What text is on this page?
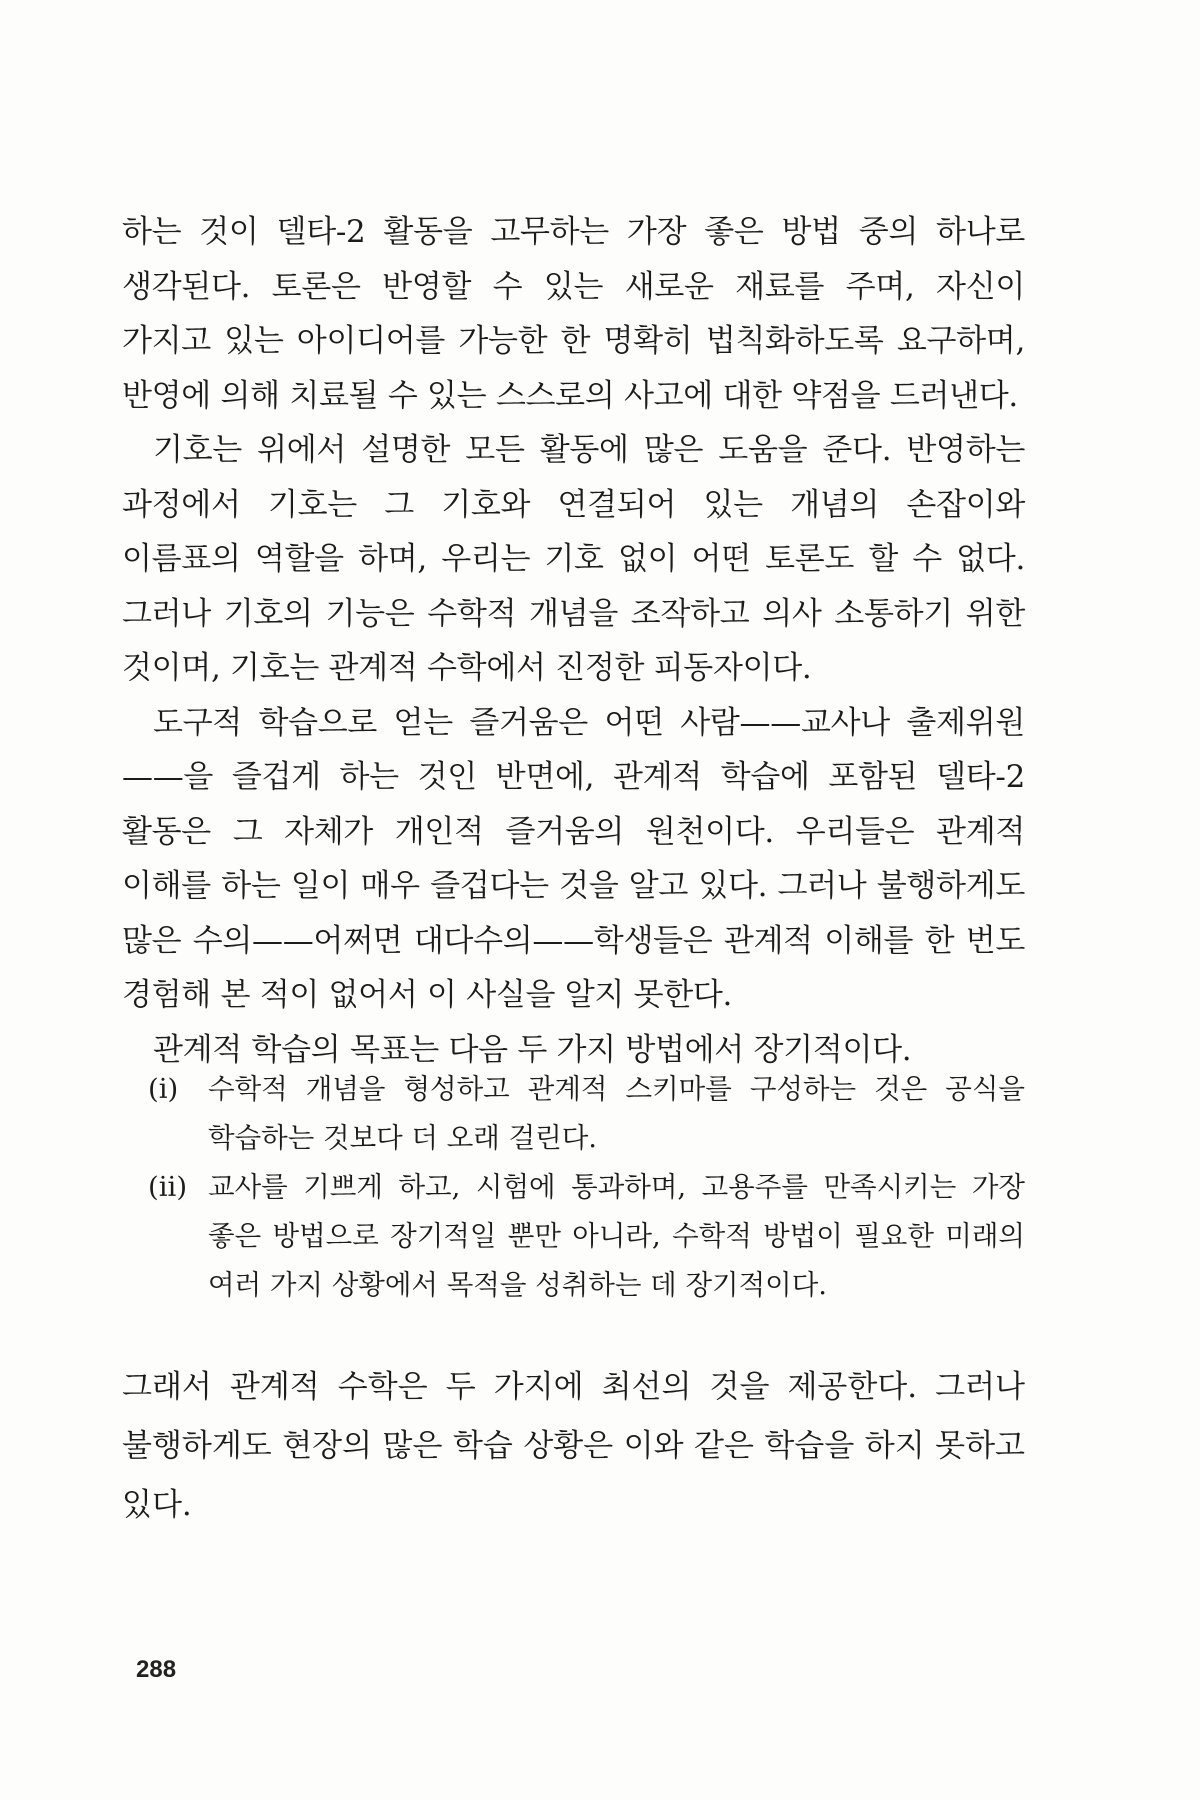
하는 것이 델타-2 활동을 고무하는 가장 좋은 방법 중의 하나로 생각된다. 토론은 반영할 수 있는 새로운 재료를 주며, 자신이 가지고 있는 아이디어를 가능한 한 명확히 법칙화하도록 요구하며, 반영에 의해 치료될 수 있는 스스로의 사고에 대한 약점을 드러낸다.

기호는 위에서 설명한 모든 활동에 많은 도움을 준다. 반영하는 과정에서 기호는 그 기호와 연결되어 있는 개념의 손잡이와 이름표의 역할을 하며, 우리는 기호 없이 어떤 토론도 할 수 없다. 그러나 기호의 기능은 수학적 개념을 조작하고 의사 소통하기 위한 것이며, 기호는 관계적 수학에서 진정한 피동자이다.

도구적 학습으로 얻는 즐거움은 어떤 사람——교사나 출제위원——을 즐겁게 하는 것인 반면에, 관계적 학습에 포함된 델타-2 활동은 그 자체가 개인적 즐거움의 원천이다. 우리들은 관계적 이해를 하는 일이 매우 즐겁다는 것을 알고 있다. 그러나 불행하게도 많은 수의——어쩌면 대다수의——학생들은 관계적 이해를 한 번도 경험해 본 적이 없어서 이 사실을 알지 못한다.

관계적 학습의 목표는 다음 두 가지 방법에서 장기적이다.

(i)	수학적 개념을 형성하고 관계적 스키마를 구성하는 것은 공식을 학습하는 것보다 더 오래 걸린다.
(ii) 교사를 기쁘게 하고, 시험에 통과하며, 고용주를 만족시키는 가장 좋은 방법으로 장기적일 뿐만 아니라, 수학적 방법이 필요한 미래의 여러 가지 상황에서 목적을 성취하는 데 장기적이다.

그래서 관계적 수학은 두 가지에 최선의 것을 제공한다. 그러나 불행하게도 현장의 많은 학습 상황은 이와 같은 학습을 하지 못하고 있다.

288
